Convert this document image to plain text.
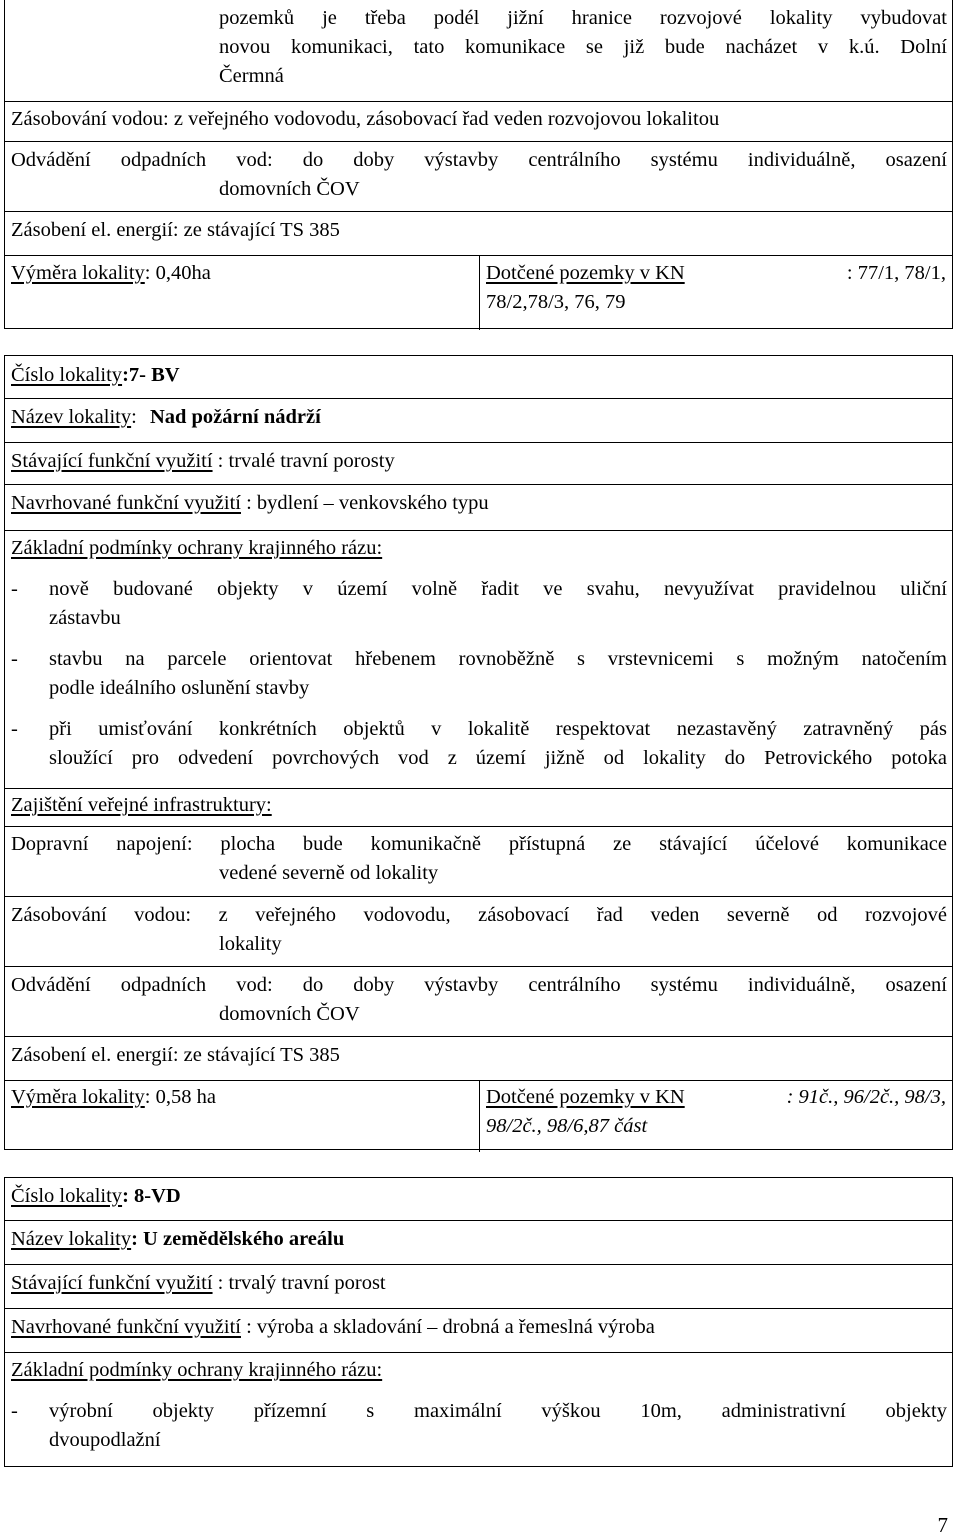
pozemků je třeba podél jižní hranice rozvojové lokality vybudovat
novou komunikaci, tato komunikace se již bude nacházet v k.ú. Dolní
Čermná
Zásobování vodou: z veřejného vodovodu, zásobovací řad veden rozvojovou lokalitou
Odvádění odpadních vod: do doby výstavby centrálního systému individuálně, osazení
domovních ČOV
Zásobení el. energií: ze stávající TS 385
Výměra lokality: 0,40ha	Dotčené pozemky v KN	: 77/1, 78/1,
78/2,78/3, 76, 79
Číslo lokality:7- BV
Název lokality: Nad požární nádrží
Stávající funkční využití : trvalé travní porosty
Navrhované funkční využití : bydlení – venkovského typu
Základní podmínky ochrany krajinného rázu:
- nově budované objekty v území volně řadit ve svahu, nevyužívat pravidelnou uliční
zástavbu
- stavbu na parcele orientovat hřebenem rovnoběžně s vrstevnicemi s možným natočením
podle ideálního oslunění stavby
- při umisťování konkrétních objektů v lokalitě respektovat nezastavěný zatravněný pás
sloužící pro odvedení povrchových vod z území jižně od lokality do Petrovického potoka
Zajištění veřejné infrastruktury:
Dopravní napojení: plocha bude komunikačně přístupná ze stávající účelové komunikace
vedené severně od lokality
Zásobování vodou: z veřejného vodovodu, zásobovací řad veden severně od rozvojové
lokality
Odvádění odpadních vod: do doby výstavby centrálního systému individuálně, osazení
domovních ČOV
Zásobení el. energií: ze stávající TS 385
Výměra lokality: 0,58 ha	Dotčené pozemky v KN	: 91č., 96/2č., 98/3,
98/2č., 98/6,87 část
Číslo lokality: 8-VD
Název lokality: U zemědělského areálu
Stávající funkční využití : trvalý travní porost
Navrhované funkční využití : výroba a skladování – drobná a řemeslná výroba
Základní podmínky ochrany krajinného rázu:
- výrobní objekty přízemní s maximální výškou 10m, administrativní objekty
dvoupodlažní
7
